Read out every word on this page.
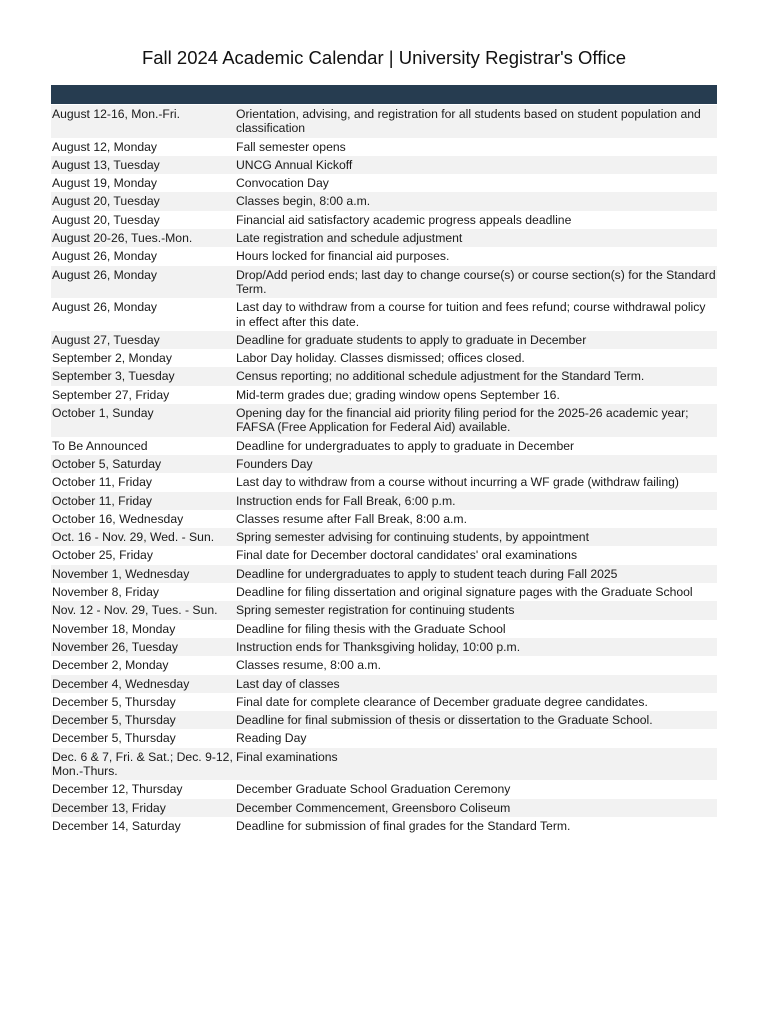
Fall 2024 Academic Calendar | University Registrar's Office
August 12-16, Mon.-Fri.	Orientation, advising, and registration for all students based on student population and classification
August 12, Monday	Fall semester opens
August 13, Tuesday	UNCG Annual Kickoff
August 19, Monday	Convocation Day
August 20, Tuesday	Classes begin, 8:00 a.m.
August 20, Tuesday	Financial aid satisfactory academic progress appeals deadline
August 20-26, Tues.-Mon.	Late registration and schedule adjustment
August 26, Monday	Hours locked for financial aid purposes.
August 26, Monday	Drop/Add period ends; last day to change course(s) or course section(s) for the Standard Term.
August 26, Monday	Last day to withdraw from a course for tuition and fees refund; course withdrawal policy in effect after this date.
August 27, Tuesday	Deadline for graduate students to apply to graduate in December
September 2, Monday	Labor Day holiday. Classes dismissed; offices closed.
September 3, Tuesday	Census reporting; no additional schedule adjustment for the Standard Term.
September 27, Friday	Mid-term grades due; grading window opens September 16.
October 1, Sunday	Opening day for the financial aid priority filing period for the 2025-26 academic year; FAFSA (Free Application for Federal Aid) available.
To Be Announced	Deadline for undergraduates to apply to graduate in December
October 5, Saturday	Founders Day
October 11, Friday	Last day to withdraw from a course without incurring a WF grade (withdraw failing)
October 11, Friday	Instruction ends for Fall Break, 6:00 p.m.
October 16, Wednesday	Classes resume after Fall Break, 8:00 a.m.
Oct. 16 - Nov. 29, Wed. - Sun.	Spring semester advising for continuing students, by appointment
October 25, Friday	Final date for December doctoral candidates' oral examinations
November 1, Wednesday	Deadline for undergraduates to apply to student teach during Fall 2025
November 8, Friday	Deadline for filing dissertation and original signature pages with the Graduate School
Nov. 12 - Nov. 29, Tues. - Sun.	Spring semester registration for continuing students
November 18, Monday	Deadline for filing thesis with the Graduate School
November 26, Tuesday	Instruction ends for Thanksgiving holiday, 10:00 p.m.
December 2, Monday	Classes resume, 8:00 a.m.
December 4, Wednesday	Last day of classes
December 5, Thursday	Final date for complete clearance of December graduate degree candidates.
December 5, Thursday	Deadline for final submission of thesis or dissertation to the Graduate School.
December 5, Thursday	Reading Day
Dec. 6 & 7, Fri. & Sat.; Dec. 9-12, Mon.-Thurs.	Final examinations
December 12, Thursday	December Graduate School Graduation Ceremony
December 13, Friday	December Commencement, Greensboro Coliseum
December 14, Saturday	Deadline for submission of final grades for the Standard Term.
